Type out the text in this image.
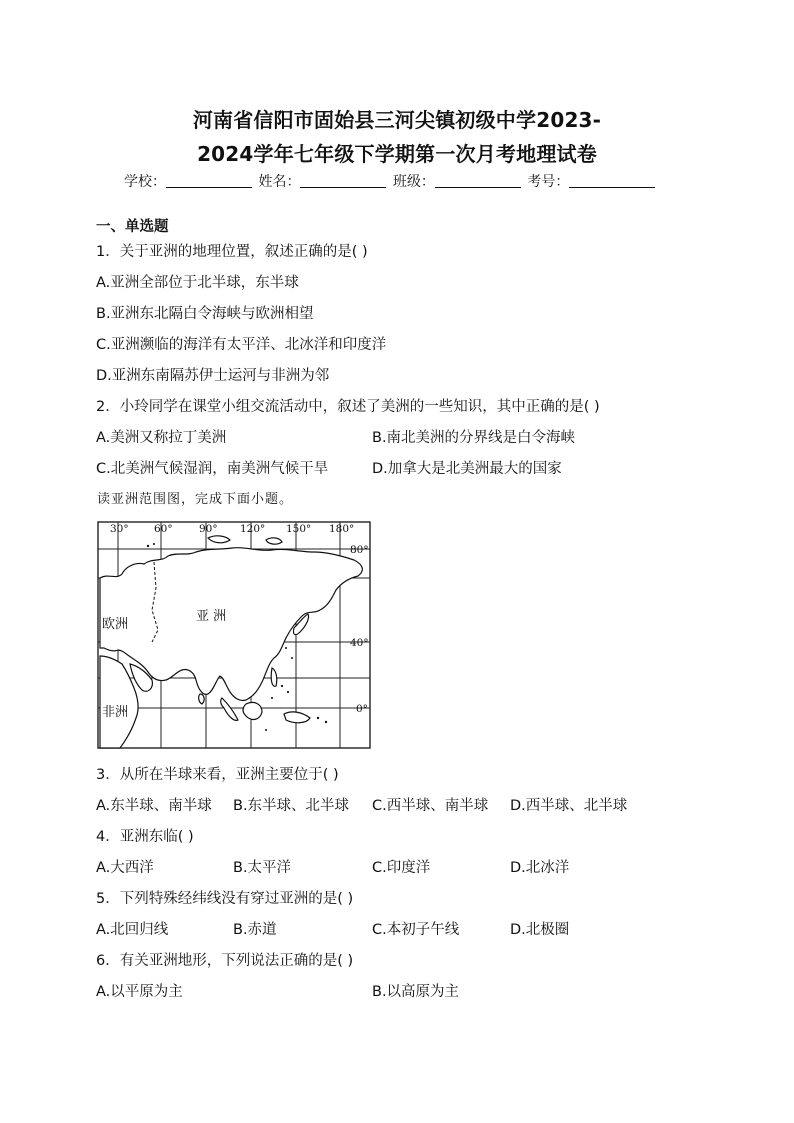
河南省信阳市固始县三河尖镇初级中学2023-
2024学年七年级下学期第一次月考地理试卷
学校：	姓名：	班级：	考号：
一、单选题
1．关于亚洲的地理位置，叙述正确的是( )
A.亚洲全部位于北半球，东半球
B.亚洲东北隔白令海峡与欧洲相望
C.亚洲濒临的海洋有太平洋、北冰洋和印度洋
D.亚洲东南隔苏伊士运河与非洲为邻
2．小玲同学在课堂小组交流活动中，叙述了美洲的一些知识，其中正确的是( )
A.美洲又称拉丁美洲	B.南北美洲的分界线是白令海峡
C.北美洲气候湿润，南美洲气候干旱	D.加拿大是北美洲最大的国家
读亚洲范围图，完成下面小题。
30° 60°	90° 120° 150° 180°
80°
40°
0°
欧洲
亚 洲
非洲
3．从所在半球来看，亚洲主要位于( )
A.东半球、南半球 B.东半球、北半球 C.西半球、南半球 D.西半球、北半球
4．亚洲东临( )
A.大西洋	B.太平洋	C.印度洋	D.北冰洋
5．下列特殊经纬线没有穿过亚洲的是( )
A.北回归线	B.赤道	C.本初子午线	D.北极圈
6．有关亚洲地形，下列说法正确的是( )
A.以平原为主	B.以高原为主
